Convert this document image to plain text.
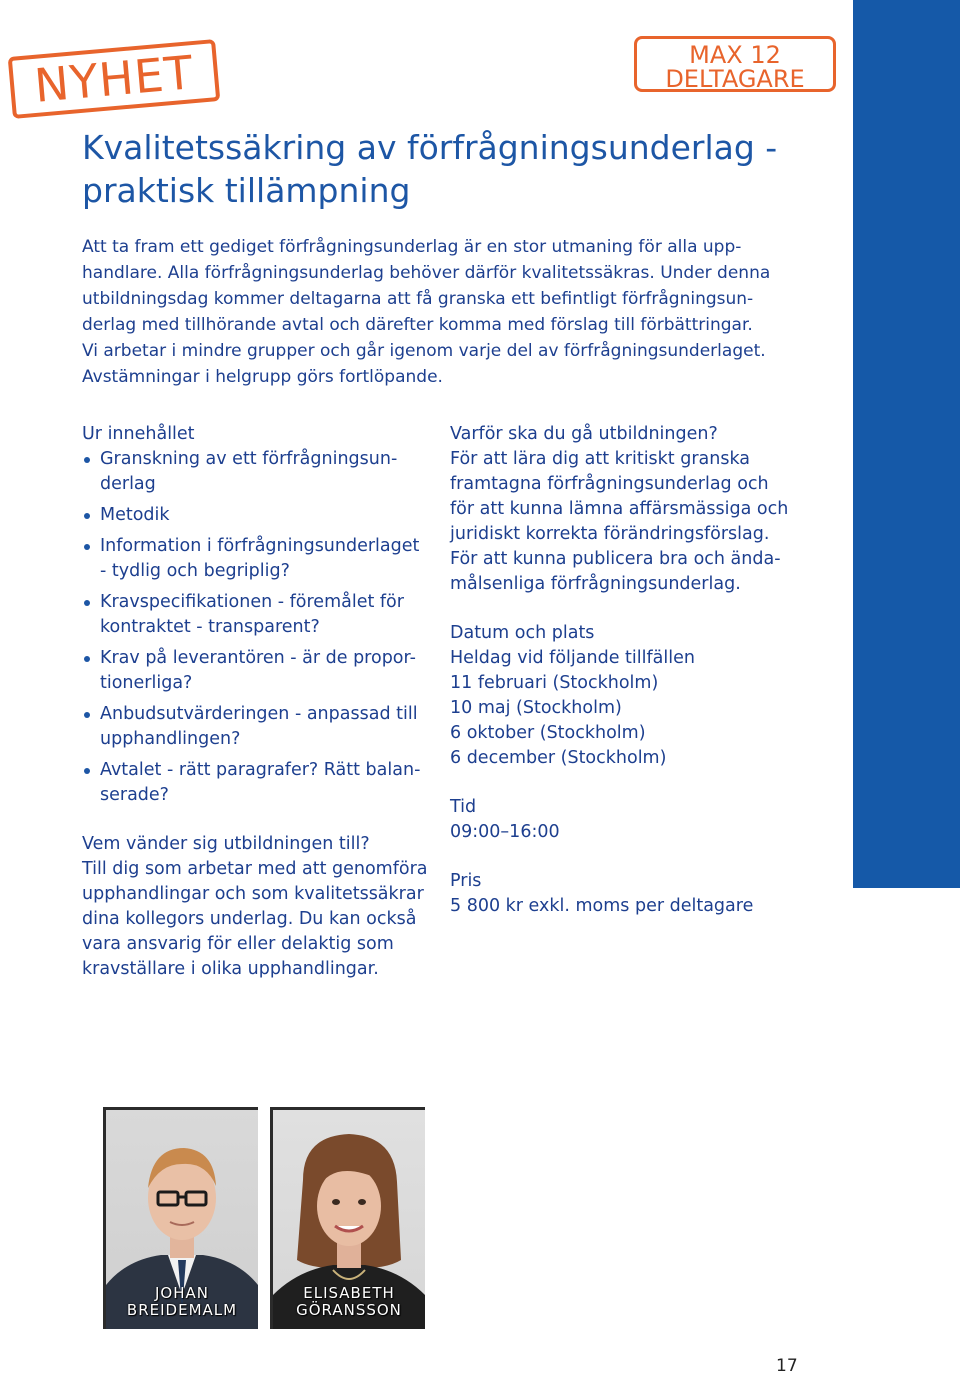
NYHET	MAX 12
DELTAGARE
Kvalitetssäkring av förfrågningsunderlag -
praktisk tillämpning
Att ta fram ett gediget förfrågningsunderlag är en stor utmaning för alla upp-
handlare. Alla förfrågningsunderlag behöver därför kvalitetssäkras. Under denna
utbildningsdag kommer deltagarna att få granska ett befintligt förfrågningsun-
derlag med tillhörande avtal och därefter komma med förslag till förbättringar.
Vi arbetar i mindre grupper och går igenom varje del av förfrågningsunderlaget.
Avstämningar i helgrupp görs fortlöpande.

Ur innehållet

Granskning av ett förfrågningsun-
derlag
Metodik
Information i förfrågningsunderlaget
- tydlig och begriplig?
Kravspecifikationen - föremålet för
kontraktet - transparent?
Krav på leverantören - är de propor-
tionerliga?
Anbudsutvärderingen - anpassad till
upphandlingen?
Avtalet - rätt paragrafer? Rätt balan-
serade?

Vem vänder sig utbildningen till?

Till dig som arbetar med att genomföra

upphandlingar och som kvalitetssäkrar

dina kollegors underlag. Du kan också

vara ansvarig för eller delaktig som

kravställare i olika upphandlingar.

Varför ska du gå utbildningen?

För att lära dig att kritiskt granska

framtagna förfrågningsunderlag och

för att kunna lämna affärsmässiga och

juridiskt korrekta förändringsförslag.

För att kunna publicera bra och ända-

målsenliga förfrågningsunderlag.

Datum och plats

Heldag vid följande tillfällen

11 februari (Stockholm)

10 maj (Stockholm)

6 oktober (Stockholm)

6 december (Stockholm)

Tid

09:00–16:00

Pris

5 800 kr exkl. moms per deltagare

JOHAN
BREIDEMALM
ELISABETH
GÖRANSSON
17
